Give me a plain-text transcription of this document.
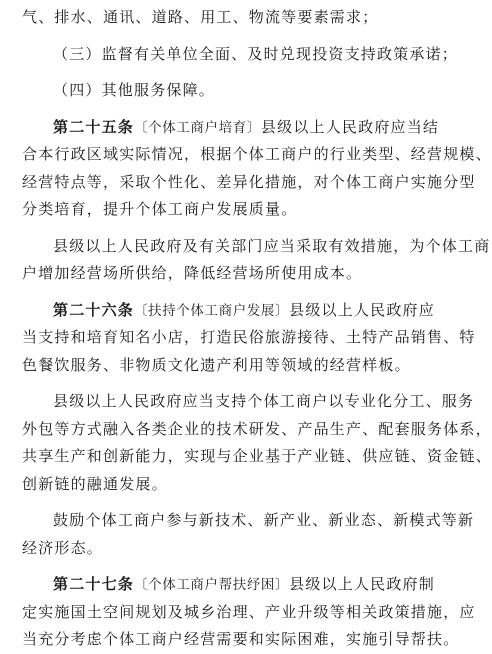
气、排水、通讯、道路、用工、物流等要素需求；
（三）监督有关单位全面、及时兑现投资支持政策承诺；
（四）其他服务保障。
第二十五条〔个体工商户培育〕县级以上人民政府应当结
合本行政区域实际情况，根据个体工商户的行业类型、经营规模、
经营特点等，采取个性化、差异化措施，对个体工商户实施分型
分类培育，提升个体工商户发展质量。
县级以上人民政府及有关部门应当采取有效措施，为个体工商
户增加经营场所供给，降低经营场所使用成本。
第二十六条〔扶持个体工商户发展〕县级以上人民政府应
当支持和培育知名小店，打造民俗旅游接待、土特产品销售、特
色餐饮服务、非物质文化遗产利用等领域的经营样板。
县级以上人民政府应当支持个体工商户以专业化分工、服务
外包等方式融入各类企业的技术研发、产品生产、配套服务体系，
共享生产和创新能力，实现与企业基于产业链、供应链、资金链、
创新链的融通发展。
鼓励个体工商户参与新技术、新产业、新业态、新模式等新
经济形态。
第二十七条〔个体工商户帮扶纾困〕县级以上人民政府制
定实施国土空间规划及城乡治理、产业升级等相关政策措施，应
当充分考虑个体工商户经营需要和实际困难，实施引导帮扶。
